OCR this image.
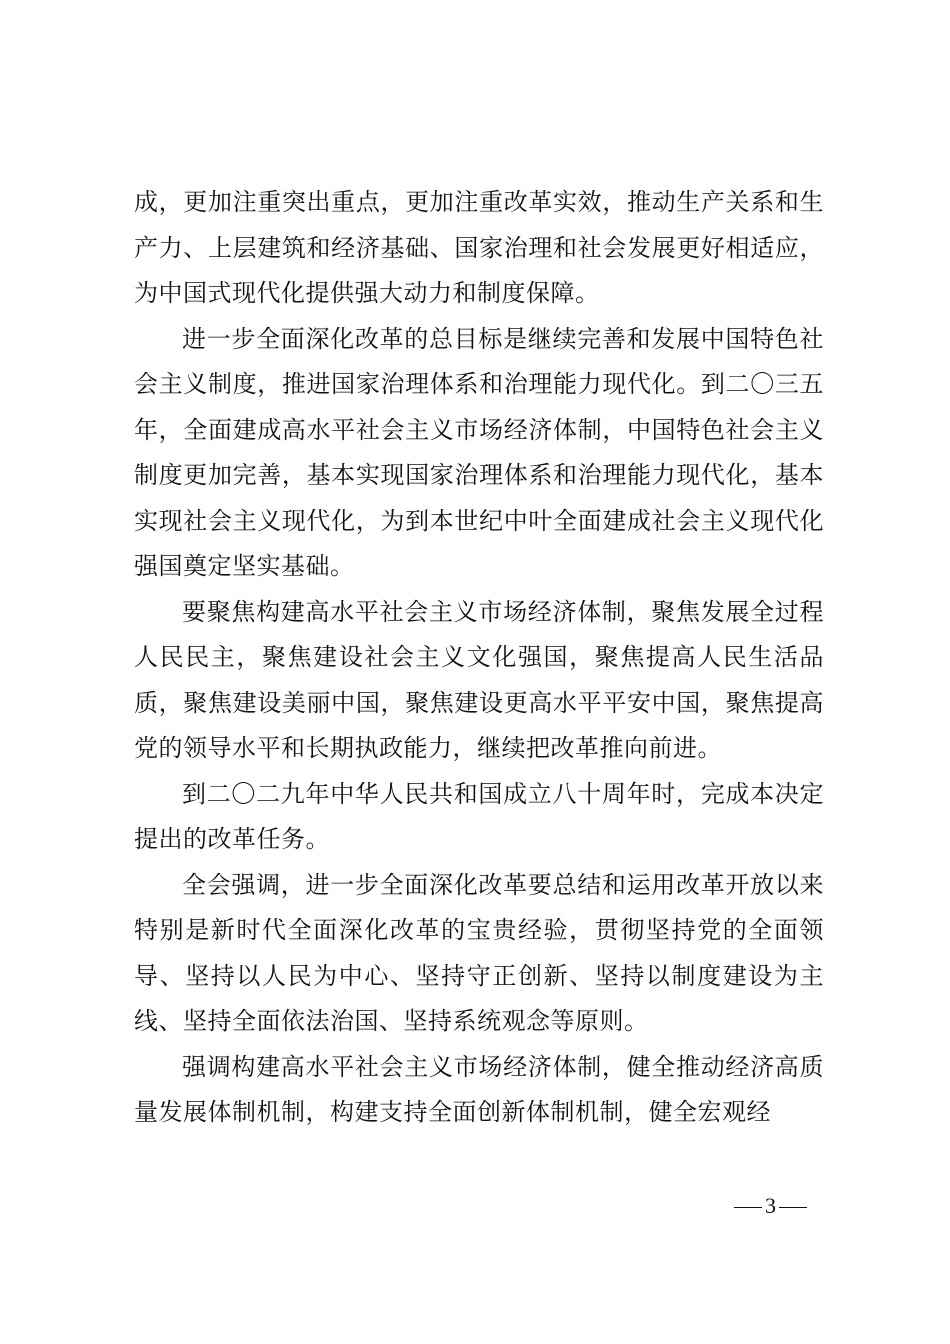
成，更加注重突出重点，更加注重改革实效，推动生产关系和生产力、上层建筑和经济基础、国家治理和社会发展更好相适应，为中国式现代化提供强大动力和制度保障。

进一步全面深化改革的总目标是继续完善和发展中国特色社会主义制度，推进国家治理体系和治理能力现代化。到二〇三五年，全面建成高水平社会主义市场经济体制，中国特色社会主义制度更加完善，基本实现国家治理体系和治理能力现代化，基本实现社会主义现代化，为到本世纪中叶全面建成社会主义现代化强国奠定坚实基础。

要聚焦构建高水平社会主义市场经济体制，聚焦发展全过程人民民主，聚焦建设社会主义文化强国，聚焦提高人民生活品质，聚焦建设美丽中国，聚焦建设更高水平平安中国，聚焦提高党的领导水平和长期执政能力，继续把改革推向前进。

到二〇二九年中华人民共和国成立八十周年时，完成本决定提出的改革任务。

全会强调，进一步全面深化改革要总结和运用改革开放以来特别是新时代全面深化改革的宝贵经验，贯彻坚持党的全面领导、坚持以人民为中心、坚持守正创新、坚持以制度建设为主线、坚持全面依法治国、坚持系统观念等原则。

强调构建高水平社会主义市场经济体制，健全推动经济高质量发展体制机制，构建支持全面创新体制机制，健全宏观经

3
